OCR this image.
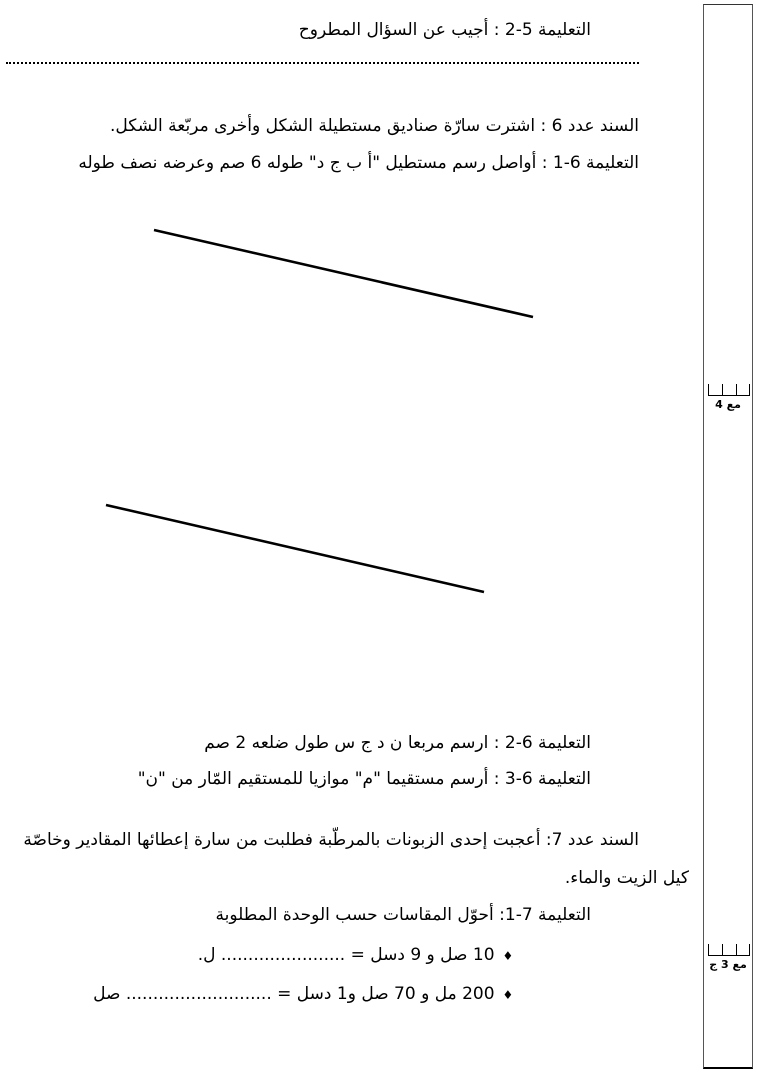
التعليمة 5-2 : أجيب عن السؤال المطروح
السند عدد 6 : اشترت سارّة صناديق مستطيلة الشكل وأخرى مربّعة الشكل.
التعليمة 6-1 : أواصل رسم مستطيل "أ ب ج د" طوله 6 صم وعرضه نصف طوله
التعليمة 6-2 : ارسم مربعا ن د ج س طول ضلعه 2 صم
التعليمة 6-3 : أرسم مستقيما "م" موازيا للمستقيم المّار من "ن"
السند عدد 7: أعجبت إحدى الزبونات بالمرطّبة فطلبت من سارة إعطائها المقادير وخاصّة
كيل الزيت والماء.
التعليمة 7-1: أحوّل المقاسات حسب الوحدة المطلوبة
♦10 صل و 9 دسل = ....................... ل.
♦200 مل و 70 صل و1 دسل = ........................... صل
مع 4
مع 3 ج
